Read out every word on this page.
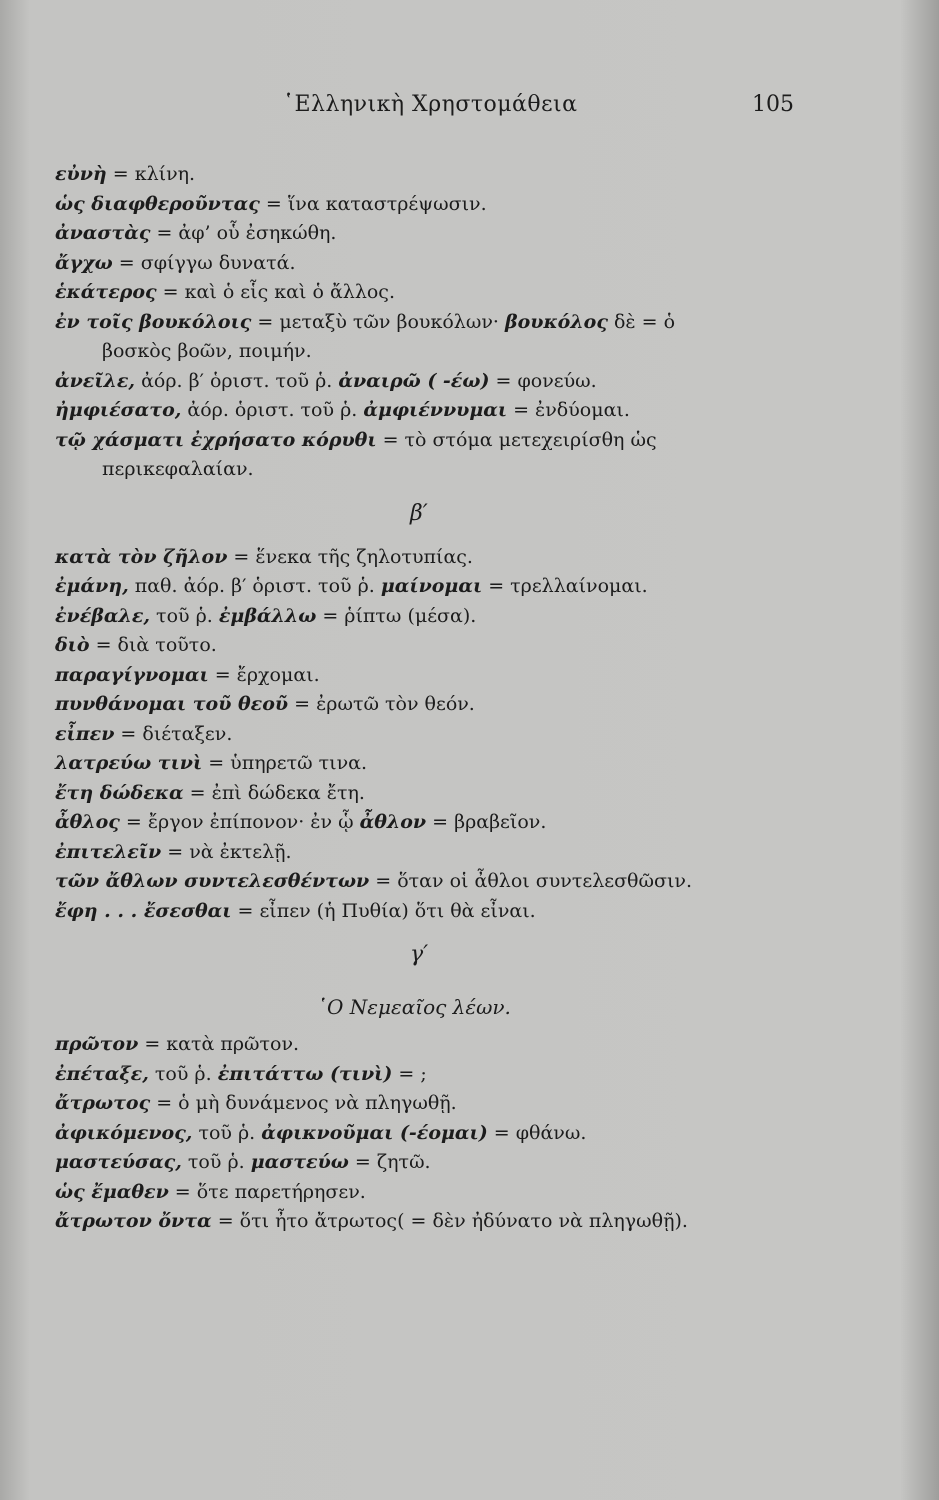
῾Ελληνικὴ Χρηστομάθεια	105
εὐνὴ = κλίνη.
ὡς διαφθεροῦντας = ἵνα καταστρέψωσιν.
ἀναστὰς = ἀφ’ οὗ ἐσηκώθη.
ἄγχω = σφίγγω δυνατά.
ἑκάτερος = καὶ ὁ εἷς καὶ ὁ ἄλλος.
ἐν τοῖς βουκόλοις = μεταξὺ τῶν βουκόλων· βουκόλος δὲ = ὁ
βοσκὸς βοῶν, ποιμήν.
ἀνεῖλε, ἀόρ. β′ ὁριστ. τοῦ ῥ. ἀναιρῶ ( -έω) = φονεύω.
ἠμφιέσατο, ἀόρ. ὁριστ. τοῦ ῥ. ἀμφιέννυμαι = ἐνδύομαι.
τῷ χάσματι ἐχρήσατο κόρυθι = τὸ στόμα μετεχειρίσθη ὡς
περικεφαλαίαν.
β′
κατὰ τὸν ζῆλον = ἕνεκα τῆς ζηλοτυπίας.
ἐμάνη, παθ. ἀόρ. β′ ὁριστ. τοῦ ῥ. μαίνομαι = τρελλαίνομαι.
ἐνέβαλε, τοῦ ῥ. ἐμβάλλω = ῥίπτω (μέσα).
διὸ = διὰ τοῦτο.
παραγίγνομαι = ἔρχομαι.
πυνθάνομαι τοῦ θεοῦ = ἐρωτῶ τὸν θεόν.
εἶπεν = διέταξεν.
λατρεύω τινὶ = ὑπηρετῶ τινα.
ἔτη δώδεκα = ἐπὶ δώδεκα ἔτη.
ἆθλος = ἔργον ἐπίπονον· ἐν ᾧ ἆθλον = βραβεῖον.
ἐπιτελεῖν = νὰ ἐκτελῇ.
τῶν ἄθλων συντελεσθέντων = ὅταν οἱ ἆθλοι συντελεσθῶσιν.
ἔφη . . . ἔσεσθαι = εἶπεν (ἡ Πυθία) ὅτι θὰ εἶναι.
γ′
῾Ο Νεμεαῖος λέων.
πρῶτον = κατὰ πρῶτον.
ἐπέταξε, τοῦ ῥ. ἐπιτάττω (τινὶ) = ;
ἄτρωτος = ὁ μὴ δυνάμενος νὰ πληγωθῇ.
ἀφικόμενος, τοῦ ῥ. ἀφικνοῦμαι (-έομαι) = φθάνω.
μαστεύσας, τοῦ ῥ. μαστεύω = ζητῶ.
ὡς ἔμαθεν = ὅτε παρετήρησεν.
ἄτρωτον ὄντα = ὅτι ἦτο ἄτρωτος( = δὲν ἠδύνατο νὰ πληγωθῇ).
